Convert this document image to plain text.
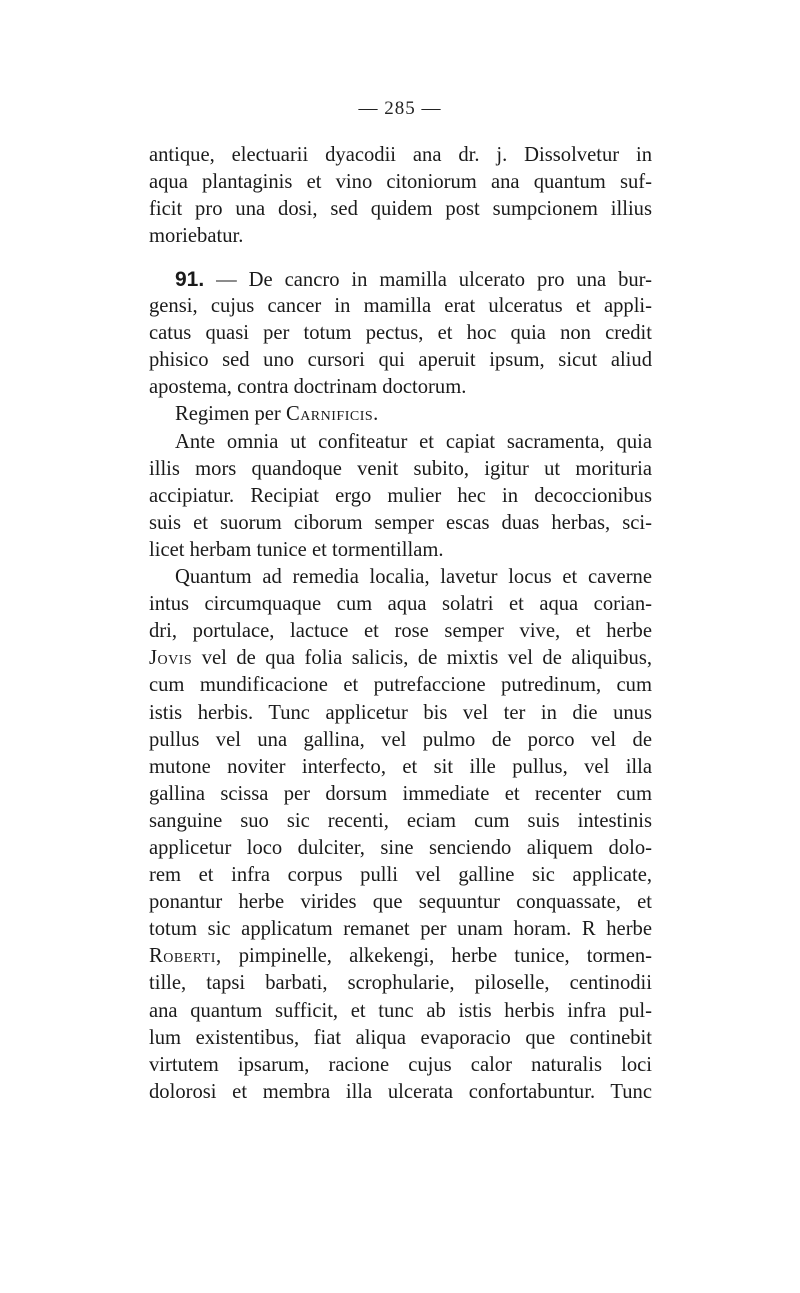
— 285 —
antique, electuarii dyacodii ana dr. j. Dissolvetur in
aqua plantaginis et vino citoniorum ana quantum suf-
ficit pro una dosi, sed quidem post sumpcionem illius
moriebatur.
91. — De cancro in mamilla ulcerato pro una bur-
gensi, cujus cancer in mamilla erat ulceratus et appli-
catus quasi per totum pectus, et hoc quia non credit
phisico sed uno cursori qui aperuit ipsum, sicut aliud
apostema, contra doctrinam doctorum.
Regimen per Carnificis.
Ante omnia ut confiteatur et capiat sacramenta, quia
illis mors quandoque venit subito, igitur ut morituria
accipiatur. Recipiat ergo mulier hec in decoccionibus
suis et suorum ciborum semper escas duas herbas, sci-
licet herbam tunice et tormentillam.
Quantum ad remedia localia, lavetur locus et caverne
intus circumquaque cum aqua solatri et aqua corian-
dri, portulace, lactuce et rose semper vive, et herbe
Jovis vel de qua folia salicis, de mixtis vel de aliquibus,
cum mundificacione et putrefaccione putredinum, cum
istis herbis. Tunc applicetur bis vel ter in die unus
pullus vel una gallina, vel pulmo de porco vel de
mutone noviter interfecto, et sit ille pullus, vel illa
gallina scissa per dorsum immediate et recenter cum
sanguine suo sic recenti, eciam cum suis intestinis
applicetur loco dulciter, sine senciendo aliquem dolo-
rem et infra corpus pulli vel galline sic applicate,
ponantur herbe virides que sequuntur conquassate, et
totum sic applicatum remanet per unam horam. R herbe
Roberti, pimpinelle, alkekengi, herbe tunice, tormen-
tille, tapsi barbati, scrophularie, piloselle, centinodii
ana quantum sufficit, et tunc ab istis herbis infra pul-
lum existentibus, fiat aliqua evaporacio que continebit
virtutem ipsarum, racione cujus calor naturalis loci
dolorosi et membra illa ulcerata confortabuntur. Tunc
